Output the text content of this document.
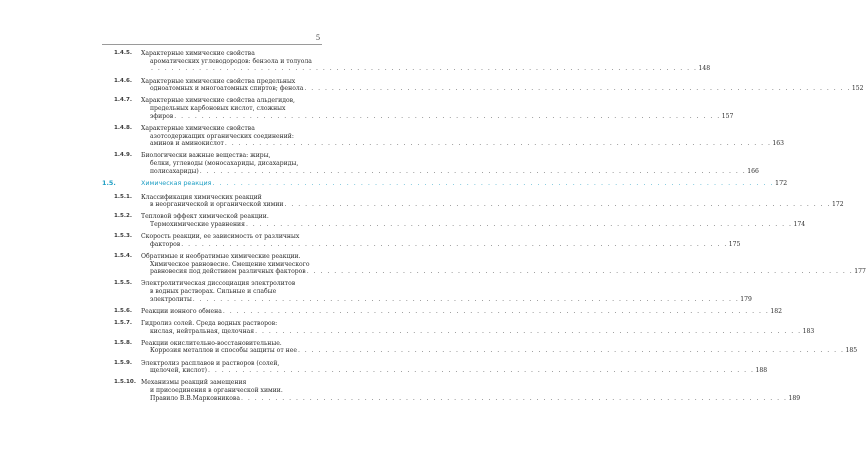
5
1.4.5.	Характерные химические свойства
ароматических углеводородов: бензола и толуола
. . . . . . . . . . . . . . . . . . . . . . . . . . . . . . . . . . . . . . . . . . . . . . . . . . . . . . . . . . . . . . . . . . . . . . . . . . . . . . . . 148
1.4.6.	Характерные химические свойства предельных
одноатомных и многоатомных спиртов; фенола . . . . . . . . . . . . . . . . . . . . . . . . . . . . . . . . . . . . . . . . . . . . . . . . . . . . . . . . . . . . . . . . . . . . . . . . . . . . . . . . 152
1.4.7.	Характерные химические свойства альдегидов,
предельных карбоновых кислот, сложных
эфиров . . . . . . . . . . . . . . . . . . . . . . . . . . . . . . . . . . . . . . . . . . . . . . . . . . . . . . . . . . . . . . . . . . . . . . . . . . . . . . . . 157
1.4.8.	Характерные химические свойства
азотсодержащих органических соединений:
аминов и аминокислот . . . . . . . . . . . . . . . . . . . . . . . . . . . . . . . . . . . . . . . . . . . . . . . . . . . . . . . . . . . . . . . . . . . . . . . . . . . . . . . . 163
1.4.9.	Биологически важные вещества: жиры,
белки, углеводы (моносахариды, дисахариды,
полисахариды) . . . . . . . . . . . . . . . . . . . . . . . . . . . . . . . . . . . . . . . . . . . . . . . . . . . . . . . . . . . . . . . . . . . . . . . . . . . . . . . . 166
1.5.	Химическая реакция . . . . . . . . . . . . . . . . . . . . . . . . . . . . . . . . . . . . . . . . . . . . . . . . . . . . . . . . . . . . . . . . . . . . . . . . . . . . . . . . 172
1.5.1.	Классификация химических реакций
в неорганической и органической химии . . . . . . . . . . . . . . . . . . . . . . . . . . . . . . . . . . . . . . . . . . . . . . . . . . . . . . . . . . . . . . . . . . . . . . . . . . . . . . . . 172
1.5.2.	Тепловой эффект химической реакции.
Термохимические уравнения . . . . . . . . . . . . . . . . . . . . . . . . . . . . . . . . . . . . . . . . . . . . . . . . . . . . . . . . . . . . . . . . . . . . . . . . . . . . . . . . 174
1.5.3.	Скорость реакции, ее зависимость от различных
факторов . . . . . . . . . . . . . . . . . . . . . . . . . . . . . . . . . . . . . . . . . . . . . . . . . . . . . . . . . . . . . . . . . . . . . . . . . . . . . . . . 175
1.5.4.	Обратимые и необратимые химические реакции.
Химическое равновесие. Смещение химического
равновесия под действием различных факторов . . . . . . . . . . . . . . . . . . . . . . . . . . . . . . . . . . . . . . . . . . . . . . . . . . . . . . . . . . . . . . . . . . . . . . . . . . . . . . . . 177
1.5.5.	Электролитическая диссоциация электролитов
в водных растворах. Сильные и слабые
электролиты . . . . . . . . . . . . . . . . . . . . . . . . . . . . . . . . . . . . . . . . . . . . . . . . . . . . . . . . . . . . . . . . . . . . . . . . . . . . . . . . 179
1.5.6.	Реакции ионного обмена . . . . . . . . . . . . . . . . . . . . . . . . . . . . . . . . . . . . . . . . . . . . . . . . . . . . . . . . . . . . . . . . . . . . . . . . . . . . . . . . 182
1.5.7.	Гидролиз солей. Среда водных растворов:
кислая, нейтральная, щелочная . . . . . . . . . . . . . . . . . . . . . . . . . . . . . . . . . . . . . . . . . . . . . . . . . . . . . . . . . . . . . . . . . . . . . . . . . . . . . . . . 183
1.5.8.	Реакции окислительно-восстановительные.
Коррозия металлов и способы защиты от нее . . . . . . . . . . . . . . . . . . . . . . . . . . . . . . . . . . . . . . . . . . . . . . . . . . . . . . . . . . . . . . . . . . . . . . . . . . . . . . . . 185
1.5.9.	Электролиз расплавов и растворов (солей,
щелочей, кислот) . . . . . . . . . . . . . . . . . . . . . . . . . . . . . . . . . . . . . . . . . . . . . . . . . . . . . . . . . . . . . . . . . . . . . . . . . . . . . . . . 188
1.5.10. Механизмы реакций замещения
и присоединения в органической химии.
Правило В.В.Марковникова . . . . . . . . . . . . . . . . . . . . . . . . . . . . . . . . . . . . . . . . . . . . . . . . . . . . . . . . . . . . . . . . . . . . . . . . . . . . . . . . 189
